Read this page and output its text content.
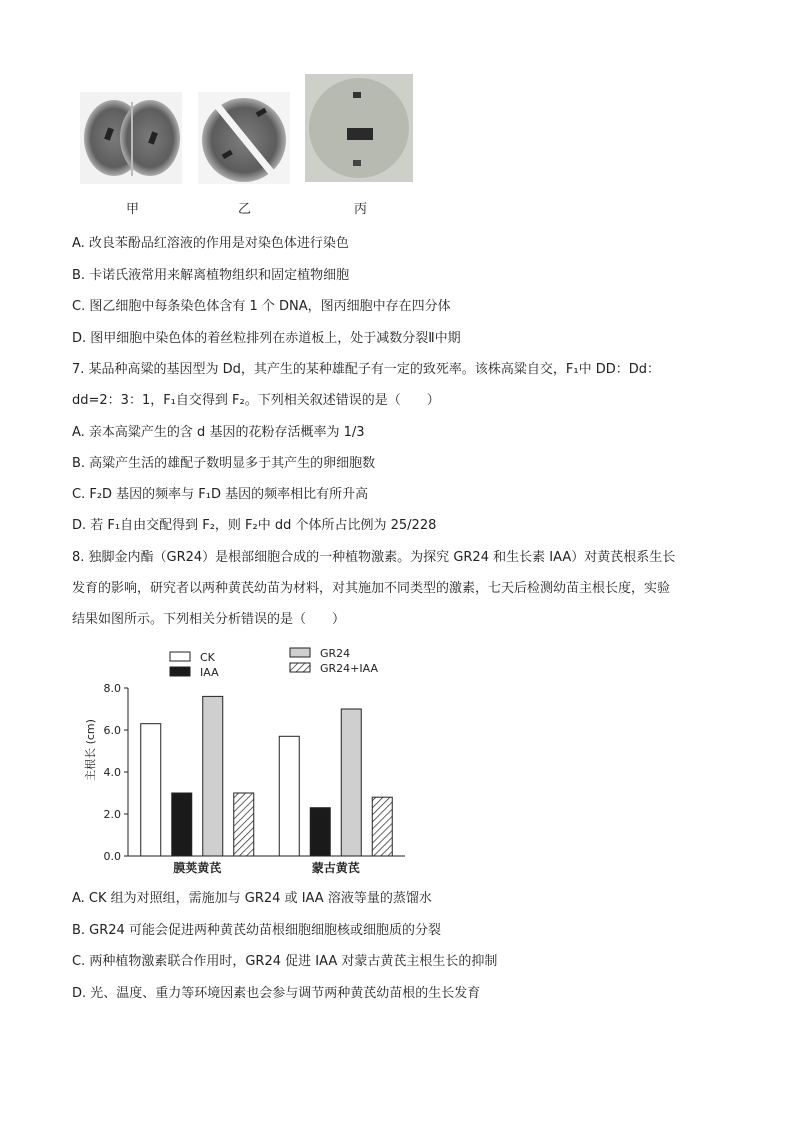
甲	乙	丙
A. 改良苯酚品红溶液的作用是对染色体进行染色
B. 卡诺氏液常用来解离植物组织和固定植物细胞
C. 图乙细胞中每条染色体含有 1 个 DNA，图丙细胞中存在四分体
D. 图甲细胞中染色体的着丝粒排列在赤道板上，处于减数分裂Ⅱ中期
7. 某品种高粱的基因型为 Dd，其产生的某种雄配子有一定的致死率。该株高粱自交，F₁中 DD：Dd：
dd=2：3：1，F₁自交得到 F₂。下列相关叙述错误的是（　　）
A. 亲本高粱产生的含 d 基因的花粉存活概率为 1/3
B. 高粱产生活的雄配子数明显多于其产生的卵细胞数
C. F₂D 基因的频率与 F₁D 基因的频率相比有所升高
D. 若 F₁自由交配得到 F₂，则 F₂中 dd 个体所占比例为 25/228
8. 独脚金内酯（GR24）是根部细胞合成的一种植物激素。为探究 GR24 和生长素 IAA）对黄芪根系生长
发育的影响，研究者以两种黄芪幼苗为材料，对其施加不同类型的激素，七天后检测幼苗主根长度，实验
结果如图所示。下列相关分析错误的是（　　）
CK
IAA
GR24
GR24+IAA
0.0
2.0
4.0
6.0
8.0
膜荚黄芪	蒙古黄芪
主根长 (cm)
A. CK 组为对照组，需施加与 GR24 或 IAA 溶液等量的蒸馏水
B. GR24 可能会促进两种黄芪幼苗根细胞细胞核或细胞质的分裂
C. 两种植物激素联合作用时，GR24 促进 IAA 对蒙古黄芪主根生长的抑制
D. 光、温度、重力等环境因素也会参与调节两种黄芪幼苗根的生长发育
